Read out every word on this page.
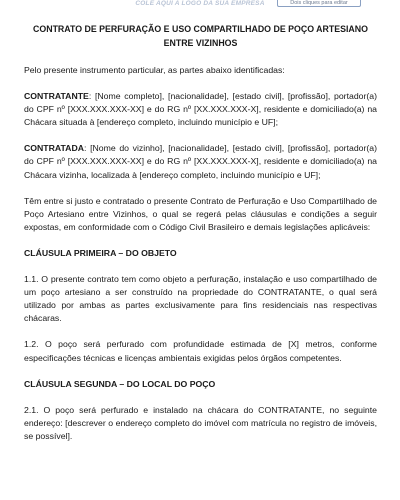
COLE AQUI A LOGO DA SUA EMPRESA	Dois cliques para editar
CONTRATO DE PERFURAÇÃO E USO COMPARTILHADO DE POÇO ARTESIANO ENTRE VIZINHOS
Pelo presente instrumento particular, as partes abaixo identificadas:
CONTRATANTE: [Nome completo], [nacionalidade], [estado civil], [profissão], portador(a) do CPF nº [XXX.XXX.XXX-XX] e do RG nº [XX.XXX.XXX-X], residente e domiciliado(a) na Chácara situada à [endereço completo, incluindo município e UF];
CONTRATADA: [Nome do vizinho], [nacionalidade], [estado civil], [profissão], portador(a) do CPF nº [XXX.XXX.XXX-XX] e do RG nº [XX.XXX.XXX-X], residente e domiciliado(a) na Chácara vizinha, localizada à [endereço completo, incluindo município e UF];
Têm entre si justo e contratado o presente Contrato de Perfuração e Uso Compartilhado de Poço Artesiano entre Vizinhos, o qual se regerá pelas cláusulas e condições a seguir expostas, em conformidade com o Código Civil Brasileiro e demais legislações aplicáveis:
CLÁUSULA PRIMEIRA – DO OBJETO
1.1. O presente contrato tem como objeto a perfuração, instalação e uso compartilhado de um poço artesiano a ser construído na propriedade do CONTRATANTE, o qual será utilizado por ambas as partes exclusivamente para fins residenciais nas respectivas chácaras.
1.2. O poço será perfurado com profundidade estimada de [X] metros, conforme especificações técnicas e licenças ambientais exigidas pelos órgãos competentes.
CLÁUSULA SEGUNDA – DO LOCAL DO POÇO
2.1. O poço será perfurado e instalado na chácara do CONTRATANTE, no seguinte endereço: [descrever o endereço completo do imóvel com matrícula no registro de imóveis, se possível].
